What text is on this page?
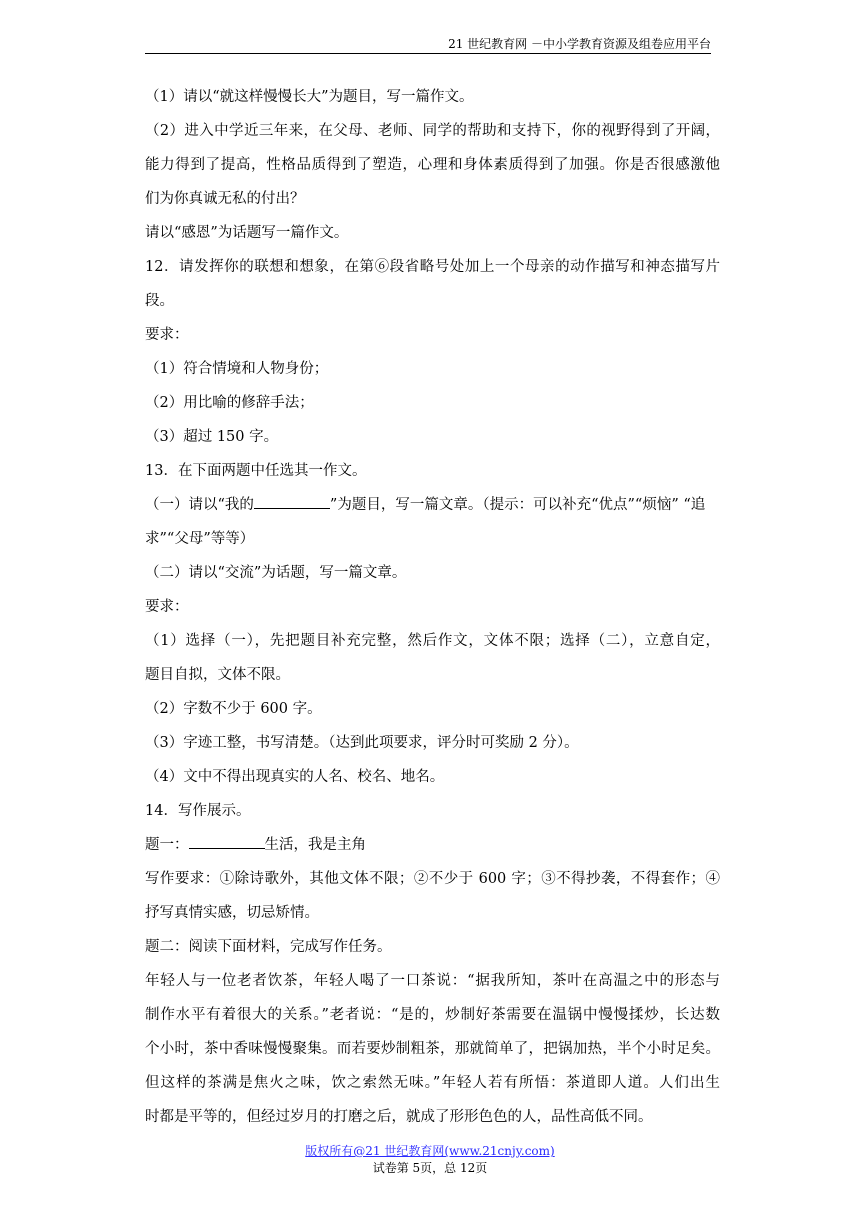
21 世纪教育网 －中小学教育资源及组卷应用平台
（1）请以“就这样慢慢长大”为题目，写一篇作文。
（2）进入中学近三年来，在父母、老师、同学的帮助和支持下，你的视野得到了开阔，
能力得到了提高，性格品质得到了塑造，心理和身体素质得到了加强。你是否很感激他
们为你真诚无私的付出？
请以“感恩”为话题写一篇作文。
12．请发挥你的联想和想象，在第⑥段省略号处加上一个母亲的动作描写和神态描写片
段。
要求：
（1）符合情境和人物身份；
（2）用比喻的修辞手法；
（3）超过 150 字。
13．在下面两题中任选其一作文。
（一）请以“我的	”为题目，写一篇文章。（提示：可以补充“优点”“烦恼” “追
求”“父母”等等）
（二）请以“交流”为话题，写一篇文章。
要求：
（1）选择（一），先把题目补充完整，然后作文，文体不限；选择（二），立意自定，
题目自拟，文体不限。
（2）字数不少于 600 字。
（3）字迹工整，书写清楚。（达到此项要求，评分时可奖励 2 分）。
（4）文中不得出现真实的人名、校名、地名。
14．写作展示。
题一：	生活，我是主角
写作要求：①除诗歌外，其他文体不限；②不少于 600 字；③不得抄袭，不得套作；④
抒写真情实感，切忌矫情。
题二：阅读下面材料，完成写作任务。
年轻人与一位老者饮茶，年轻人喝了一口茶说：“据我所知，茶叶在高温之中的形态与
制作水平有着很大的关系。”老者说：“是的，炒制好茶需要在温锅中慢慢揉炒，长达数
个小时，茶中香味慢慢聚集。而若要炒制粗茶，那就简单了，把锅加热，半个小时足矣。
但这样的茶满是焦火之味，饮之索然无味。”年轻人若有所悟：茶道即人道。人们出生
时都是平等的，但经过岁月的打磨之后，就成了形形色色的人，品性高低不同。
版权所有@21 世纪教育网(www.21cnjy.com)
试卷第 5页，总 12页
